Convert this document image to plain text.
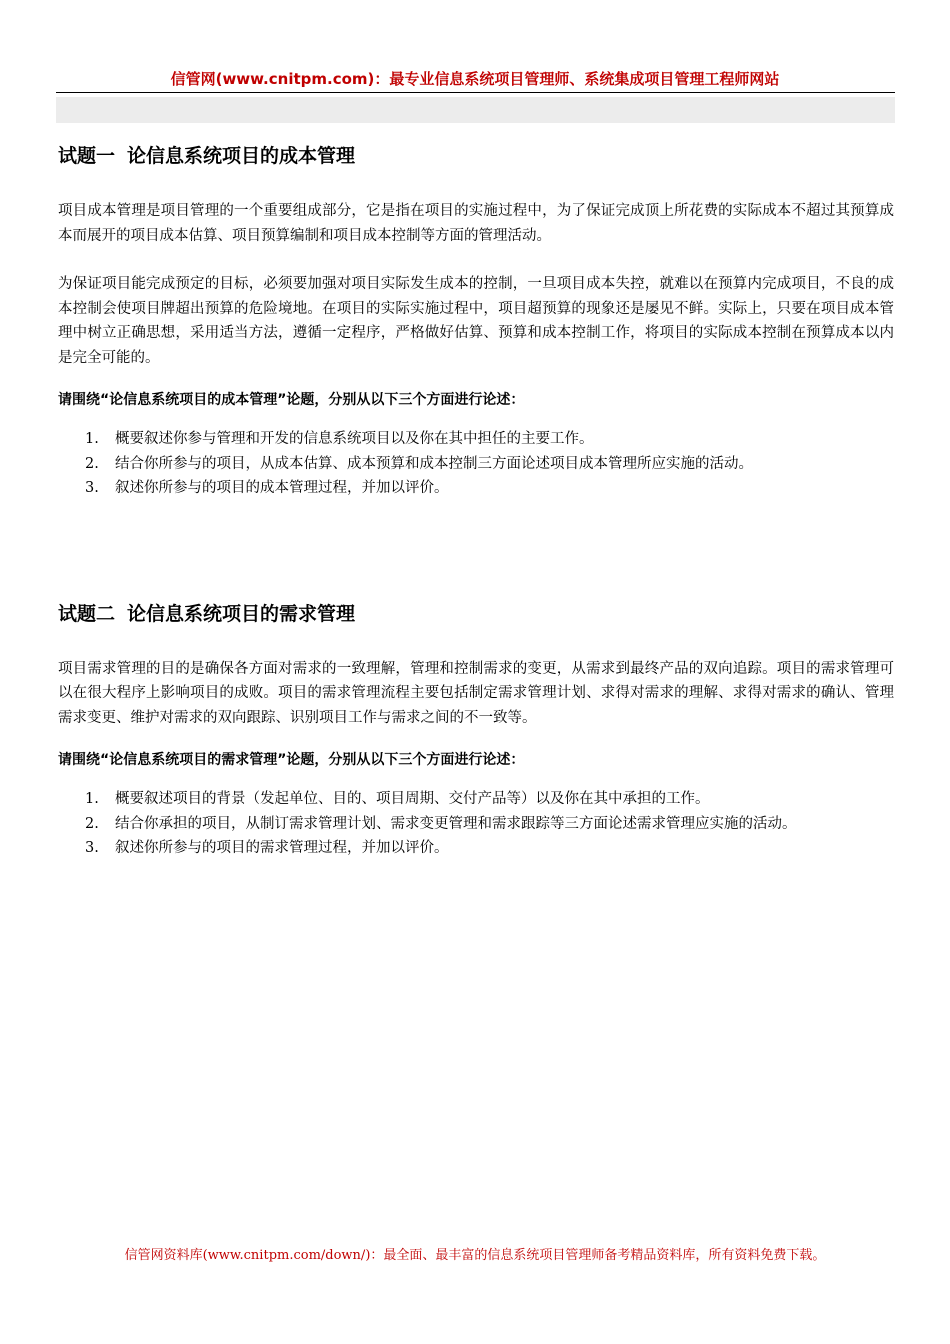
信管网(www.cnitpm.com)：最专业信息系统项目管理师、系统集成项目管理工程师网站
试题一 论信息系统项目的成本管理

项目成本管理是项目管理的一个重要组成部分，它是指在项目的实施过程中，为了保证完成顶上所花费的实际成本不超过其预算成本而展开的项目成本估算、项目预算编制和项目成本控制等方面的管理活动。

为保证项目能完成预定的目标，必须要加强对项目实际发生成本的控制，一旦项目成本失控，就难以在预算内完成项目，不良的成本控制会使项目牌超出预算的危险境地。在项目的实际实施过程中，项目超预算的现象还是屡见不鲜。实际上，只要在项目成本管理中树立正确思想，采用适当方法，遵循一定程序，严格做好估算、预算和成本控制工作，将项目的实际成本控制在预算成本以内是完全可能的。

请围绕“论信息系统项目的成本管理”论题，分别从以下三个方面进行论述：

1.	概要叙述你参与管理和开发的信息系统项目以及你在其中担任的主要工作。
2.	结合你所参与的项目，从成本估算、成本预算和成本控制三方面论述项目成本管理所应实施的活动。
3.	叙述你所参与的项目的成本管理过程，并加以评价。
试题二 论信息系统项目的需求管理

项目需求管理的目的是确保各方面对需求的一致理解，管理和控制需求的变更，从需求到最终产品的双向追踪。项目的需求管理可以在很大程序上影响项目的成败。项目的需求管理流程主要包括制定需求管理计划、求得对需求的理解、求得对需求的确认、管理需求变更、维护对需求的双向跟踪、识别项目工作与需求之间的不一致等。

请围绕“论信息系统项目的需求管理”论题，分别从以下三个方面进行论述：

1.	概要叙述项目的背景（发起单位、目的、项目周期、交付产品等）以及你在其中承担的工作。
2.	结合你承担的项目，从制订需求管理计划、需求变更管理和需求跟踪等三方面论述需求管理应实施的活动。
3.	叙述你所参与的项目的需求管理过程，并加以评价。
信管网资料库(www.cnitpm.com/down/)：最全面、最丰富的信息系统项目管理师备考精品资料库，所有资料免费下载。
